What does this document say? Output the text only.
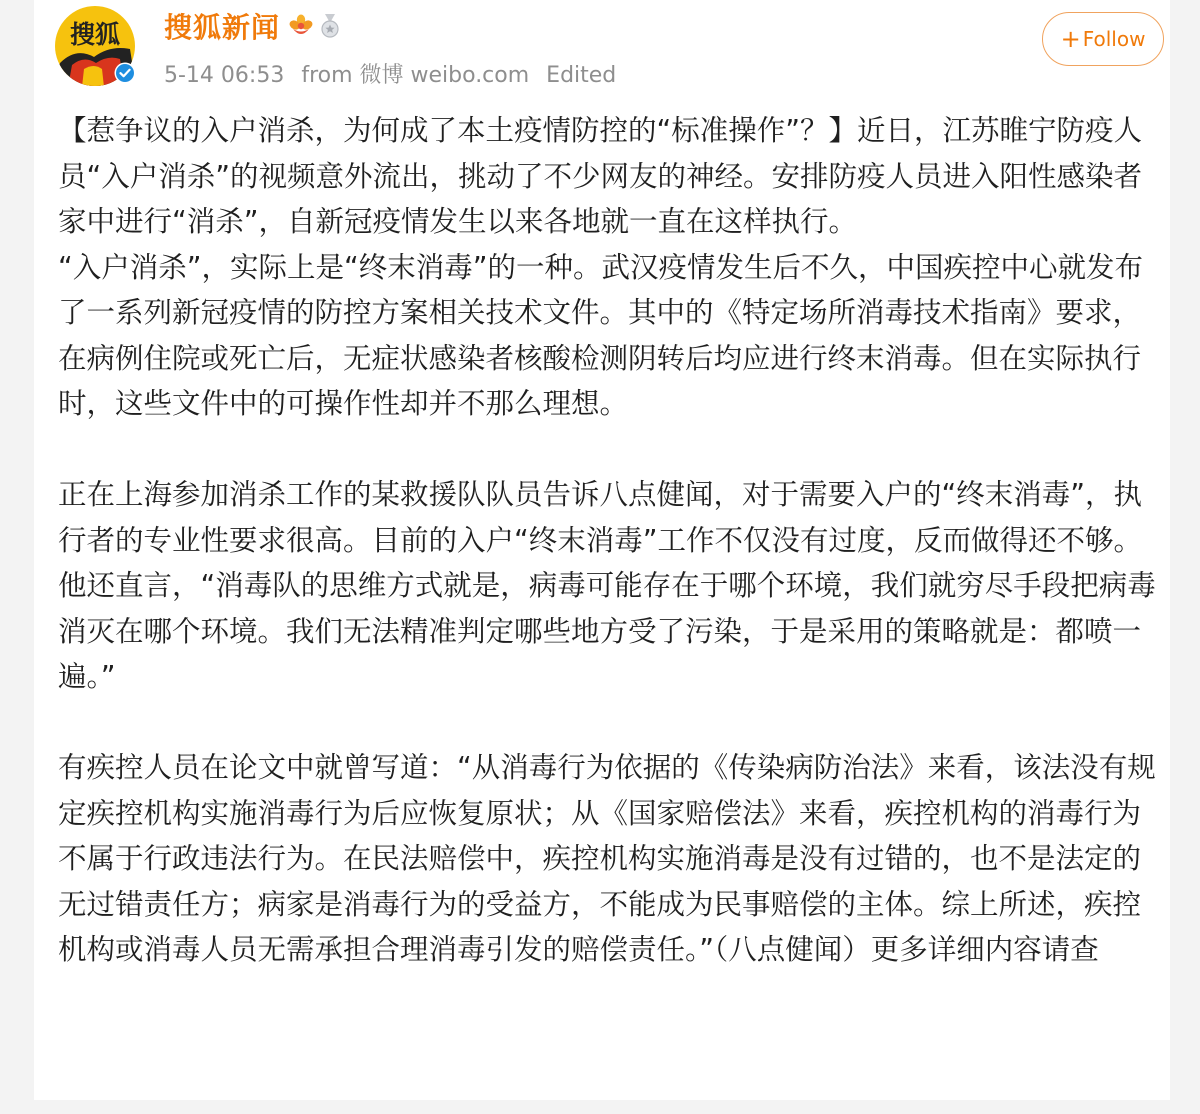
搜狐 搜狐新闻
5-14 06:53 from 微博 weibo.com Edited
+ Follow

【惹争议的入户消杀，为何成了本土疫情防控的“标准操作”？】近日，江苏睢宁防疫人员“入户消杀”的视频意外流出，挑动了不少网友的神经。安排防疫人员进入阳性感染者家中进行“消杀”，自新冠疫情发生以来各地就一直在这样执行。

“入户消杀”，实际上是“终末消毒”的一种。武汉疫情发生后不久，中国疾控中心就发布了一系列新冠疫情的防控方案相关技术文件。其中的《特定场所消毒技术指南》要求，在病例住院或死亡后，无症状感染者核酸检测阴转后均应进行终末消毒。但在实际执行时，这些文件中的可操作性却并不那么理想。

正在上海参加消杀工作的某救援队队员告诉八点健闻，对于需要入户的“终末消毒”，执行者的专业性要求很高。目前的入户“终末消毒”工作不仅没有过度，反而做得还不够。他还直言，“消毒队的思维方式就是，病毒可能存在于哪个环境，我们就穷尽手段把病毒消灭在哪个环境。我们无法精准判定哪些地方受了污染，于是采用的策略就是：都喷一遍。”

有疾控人员在论文中就曾写道：“从消毒行为依据的《传染病防治法》来看，该法没有规定疾控机构实施消毒行为后应恢复原状；从《国家赔偿法》来看，疾控机构的消毒行为不属于行政违法行为。在民法赔偿中，疾控机构实施消毒是没有过错的，也不是法定的无过错责任方；病家是消毒行为的受益方，不能成为民事赔偿的主体。综上所述，疾控机构或消毒人员无需承担合理消毒引发的赔偿责任。”（八点健闻）更多详细内容请查
